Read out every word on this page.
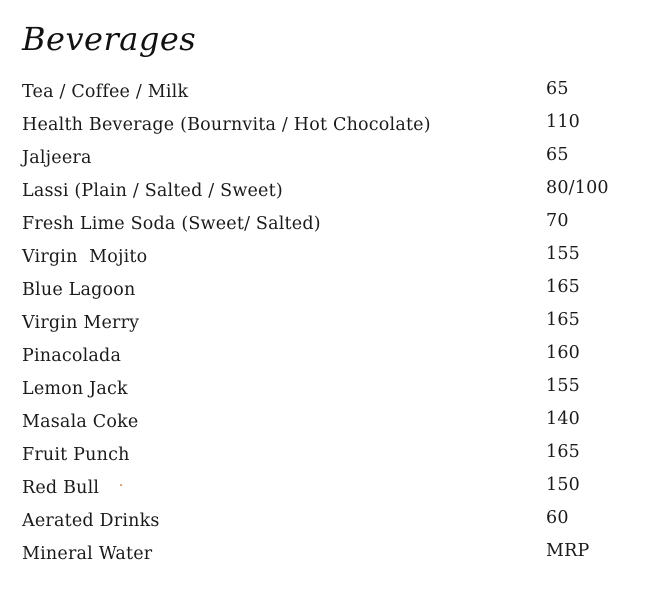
Beverages
Tea / Coffee / Milk	65
Health Beverage (Bournvita / Hot Chocolate)	110
Jaljeera	65
Lassi (Plain / Salted / Sweet)	80/100
Fresh Lime Soda (Sweet/ Salted)	70
Virgin  Mojito	155
Blue Lagoon	165
Virgin Merry	165
Pinacolada	160
Lemon Jack	155
Masala Coke	140
Fruit Punch	165
Red Bull	150
Aerated Drinks	60
Mineral Water	MRP
